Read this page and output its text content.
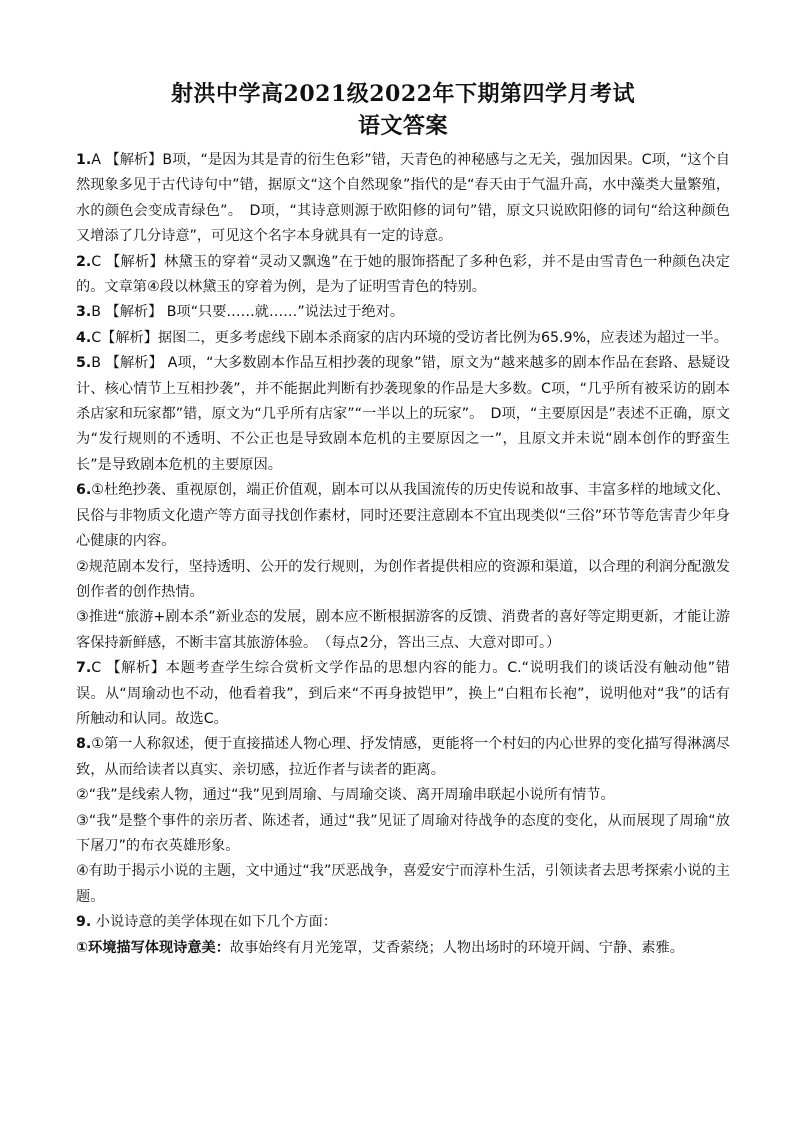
射洪中学高2021级2022年下期第四学月考试
语文答案

1.A 【解析】B项，“是因为其是青的衍生色彩”错，天青色的神秘感与之无关，强加因果。C项，“这个自然现象多见于古代诗句中”错，据原文“这个自然现象”指代的是“春天由于气温升高，水中藻类大量繁殖，水的颜色会变成青绿色”。　D项，“其诗意则源于欧阳修的词句”错，原文只说欧阳修的词句“给这种颜色又增添了几分诗意”，可见这个名字本身就具有一定的诗意。

2.C 【解析】林黛玉的穿着“灵动又飘逸”在于她的服饰搭配了多种色彩，并不是由雪青色一种颜色决定的。文章第④段以林黛玉的穿着为例，是为了证明雪青色的特别。

3.B 【解析】 B项“只要……就……”说法过于绝对。

4.C【解析】据图二，更多考虑线下剧本杀商家的店内环境的受访者比例为65.9%，应表述为超过一半。

5.B 【解析】 A项，“大多数剧本作品互相抄袭的现象”错，原文为“越来越多的剧本作品在套路、悬疑设计、核心情节上互相抄袭”，并不能据此判断有抄袭现象的作品是大多数。C项，“几乎所有被采访的剧本杀店家和玩家都”错，原文为“几乎所有店家”“一半以上的玩家”。　D项，“主要原因是”表述不正确，原文为“发行规则的不透明、不公正也是导致剧本危机的主要原因之一”，且原文并未说“剧本创作的野蛮生长”是导致剧本危机的主要原因。

6.①杜绝抄袭、重视原创，端正价值观，剧本可以从我国流传的历史传说和故事、丰富多样的地域文化、民俗与非物质文化遗产等方面寻找创作素材，同时还要注意剧本不宜出现类似“三俗”环节等危害青少年身心健康的内容。

②规范剧本发行，坚持透明、公开的发行规则，为创作者提供相应的资源和渠道，以合理的利润分配激发创作者的创作热情。

③推进“旅游+剧本杀”新业态的发展，剧本应不断根据游客的反馈、消费者的喜好等定期更新，才能让游客保持新鲜感，不断丰富其旅游体验。　（每点2分，答出三点、大意对即可。）

7.C 【解析】本题考查学生综合赏析文学作品的思想内容的能力。C.“说明我们的谈话没有触动他”错误。从“周瑜动也不动，他看着我”，到后来“不再身披铠甲”，换上“白粗布长袍”，说明他对“我”的话有所触动和认同。故选C。

8.①第一人称叙述，便于直接描述人物心理、抒发情感，更能将一个村妇的内心世界的变化描写得淋漓尽致，从而给读者以真实、亲切感，拉近作者与读者的距离。

②“我”是线索人物，通过“我”见到周瑜、与周瑜交谈、离开周瑜串联起小说所有情节。

③“我”是整个事件的亲历者、陈述者，通过“我”见证了周瑜对待战争的态度的变化，从而展现了周瑜“放下屠刀”的布衣英雄形象。

④有助于揭示小说的主题，文中通过“我”厌恶战争，喜爱安宁而淳朴生活，引领读者去思考探索小说的主题。

9. 小说诗意的美学体现在如下几个方面：

①环境描写体现诗意美：故事始终有月光笼罩，艾香萦绕；人物出场时的环境开阔、宁静、素雅。
